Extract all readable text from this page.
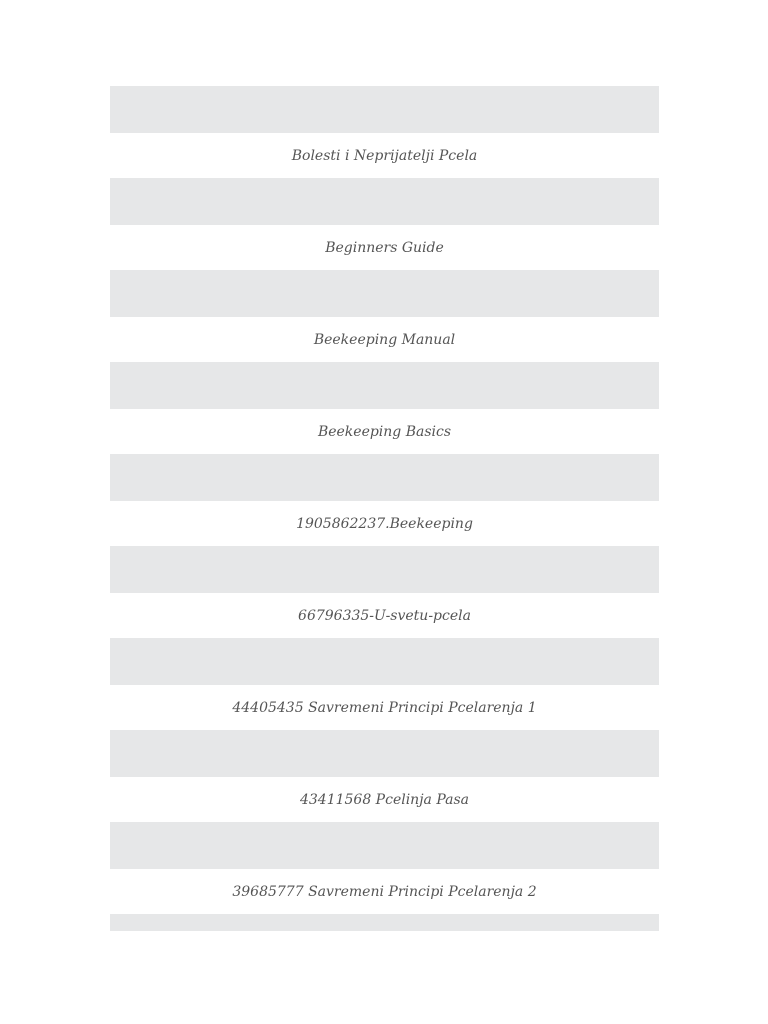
Bolesti i Neprijatelji Pcela
Beginners Guide
Beekeeping Manual
Beekeeping Basics
1905862237.Beekeeping
66796335-U-svetu-pcela
44405435 Savremeni Principi Pcelarenja 1
43411568 Pcelinja Pasa
39685777 Savremeni Principi Pcelarenja 2
